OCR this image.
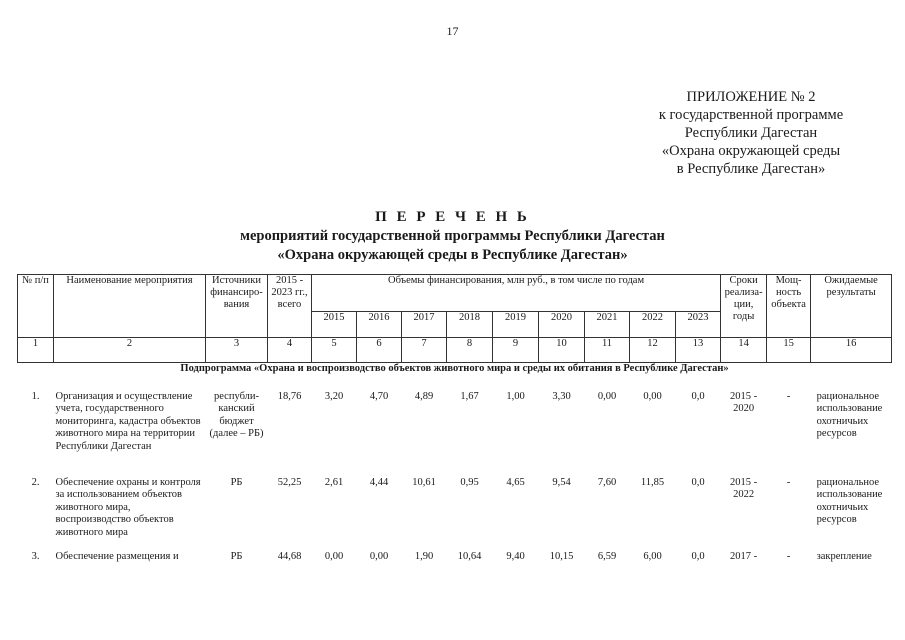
17
ПРИЛОЖЕНИЕ № 2
к государственной программе
Республики Дагестан
«Охрана окружающей среды
в Республике Дагестан»
П Е Р Е Ч Е Н Ь
мероприятий государственной программы Республики Дагестан
«Охрана окружающей среды в Республике Дагестан»
№ п/п	Наименование мероприятия	Источники финансиро-вания	2015 - 2023 гг., всего	Объемы финансирования, млн руб., в том числе по годам									Сроки реализа-ции, годы	Мощ-ность объекта	Ожидаемые результаты
				2015	2016	2017	2018	2019	2020	2021	2022	2023			
1	2	3	4	5	6	7	8	9	10	11	12	13	14	15	16
Подпрограмма «Охрана и воспроизводство объектов животного мира и среды их обитания в Республике Дагестан»															

1.	Организация и осуществление учета, государственного мониторинга, кадастра объектов животного мира на территории Республики Дагестан	республи-канский бюджет (далее – РБ)	18,76	3,20	4,70	4,89	1,67	1,00	3,30	0,00	0,00	0,0	2015 - 2020	-	рациональное использование охотничьих ресурсов
2.	Обеспечение охраны и контроля за использованием объектов животного мира, воспроизводство объектов животного мира	РБ	52,25	2,61	4,44	10,61	0,95	4,65	9,54	7,60	11,85	0,0	2015 - 2022	-	рациональное использование охотничьих ресурсов
3.	Обеспечение размещения и	РБ	44,68	0,00	0,00	1,90	10,64	9,40	10,15	6,59	6,00	0,0	2017 -	-	закрепление
